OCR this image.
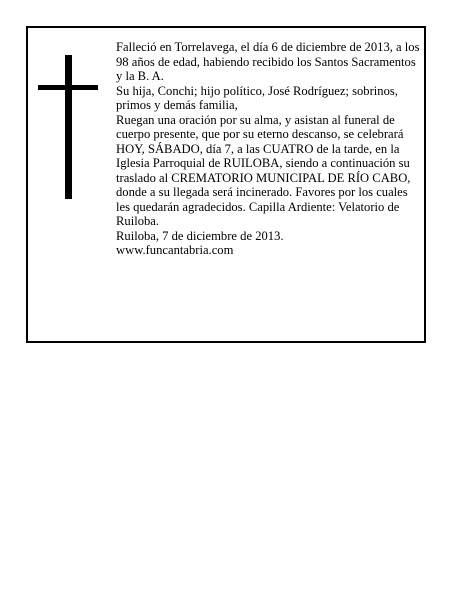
Falleció en Torrelavega, el día 6 de diciembre de 2013, a los 98 años de edad, habiendo recibido los Santos Sacramentos y la B. A.

Su hija, Conchi; hijo político, José Rodríguez; sobrinos, primos y demás familia,

Ruegan una oración por su alma, y asistan al funeral de cuerpo presente, que por su eterno descanso, se celebrará HOY, SÁBADO, día 7, a las CUATRO de la tarde, en la Iglesia Parroquial de RUILOBA, siendo a continuación su traslado al CREMATORIO MUNICIPAL DE RÍO CABO, donde a su llegada será incinerado. Favores por los cuales les quedarán agradecidos. Capilla Ardiente: Velatorio de Ruiloba.

Ruiloba, 7 de diciembre de 2013.

www.funcantabria.com
